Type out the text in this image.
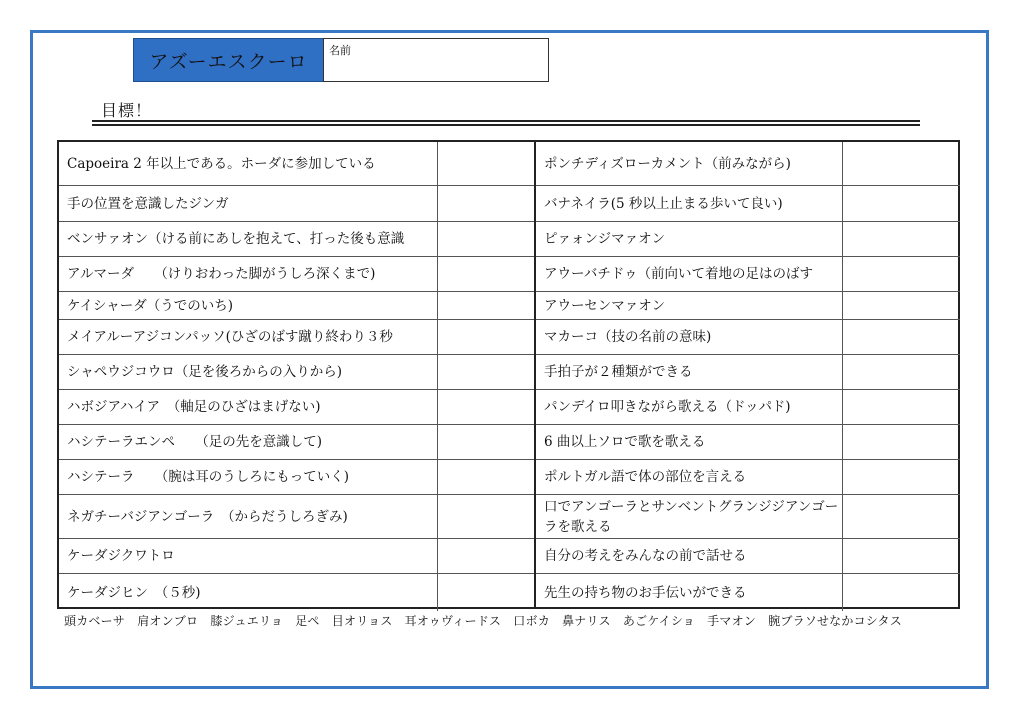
アズーエスクーロ 名前
目標！
Capoeira 2 年以上である。ホーダに参加している
手の位置を意識したジンガ
ベンサァオン（ける前にあしを抱えて、打った後も意識
アルマーダ　　（けりおわった脚がうしろ深くまで)
ケイシャーダ（うでのいち)
メイアルーアジコンパッソ(ひざのばす蹴り終わり３秒
シャペウジコウロ（足を後ろからの入りから)
ハボジアハイア　（軸足のひざはまげない)
ハシテーラエンペ　　（足の先を意識して)
ハシテーラ　　（腕は耳のうしろにもっていく)
ネガチーバジアンゴーラ　（からだうしろぎみ)
ケーダジクワトロ
ケーダジヒン　（５秒)
ポンチディズローカメント（前みながら)
バナネイラ(5 秒以上止まる歩いて良い)
ピァォンジマァオン
アウーバチドゥ（前向いて着地の足はのばす
アウーセンマァオン
マカーコ（技の名前の意味)
手拍子が２種類ができる
パンデイロ叩きながら歌える（ドッパド)
6 曲以上ソロで歌を歌える
ポルトガル語で体の部位を言える
口でアンゴーラとサンベントグランジジアンゴーラを歌える
自分の考えをみんなの前で話せる
先生の持ち物のお手伝いができる
頭カベーサ　肩オンブロ　膝ジュエリョ　足ペ　目オリョス　耳オゥヴィードス　口ボカ　鼻ナリス　あごケイショ　手マオン　腕ブラソせなかコシタス
